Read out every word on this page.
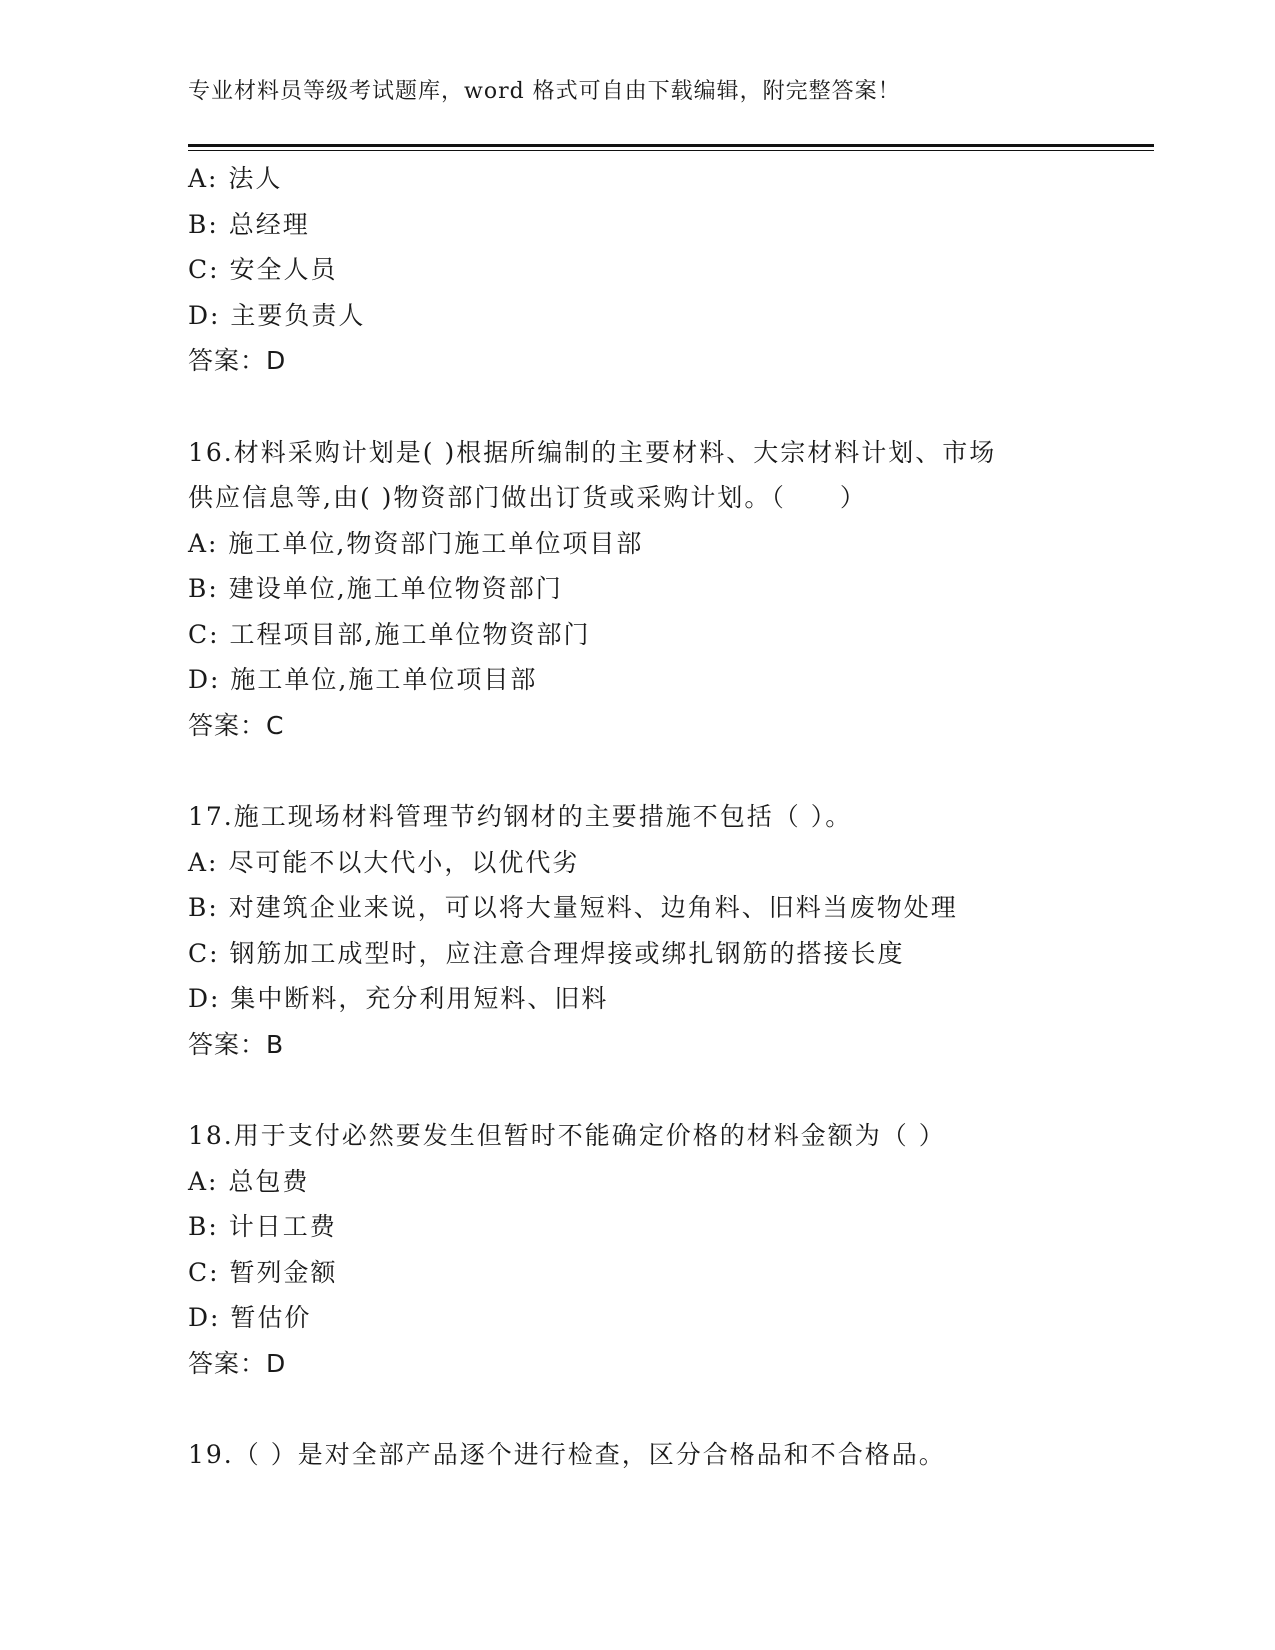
专业材料员等级考试题库，word 格式可自由下载编辑，附完整答案！
A: 法人
B: 总经理
C: 安全人员
D: 主要负责人
答案：D
16.材料采购计划是( )根据所编制的主要材料、大宗材料计划、市场
供应信息等,由( )物资部门做出订货或采购计划。（　　）
A: 施工单位,物资部门施工单位项目部
B: 建设单位,施工单位物资部门
C: 工程项目部,施工单位物资部门
D: 施工单位,施工单位项目部
答案：C
17.施工现场材料管理节约钢材的主要措施不包括（ ）。
A: 尽可能不以大代小，以优代劣
B: 对建筑企业来说，可以将大量短料、边角料、旧料当废物处理
C: 钢筋加工成型时，应注意合理焊接或绑扎钢筋的搭接长度
D: 集中断料，充分利用短料、旧料
答案：B
18.用于支付必然要发生但暂时不能确定价格的材料金额为（ ）
A: 总包费
B: 计日工费
C: 暂列金额
D: 暂估价
答案：D
19.（ ）是对全部产品逐个进行检查，区分合格品和不合格品。
